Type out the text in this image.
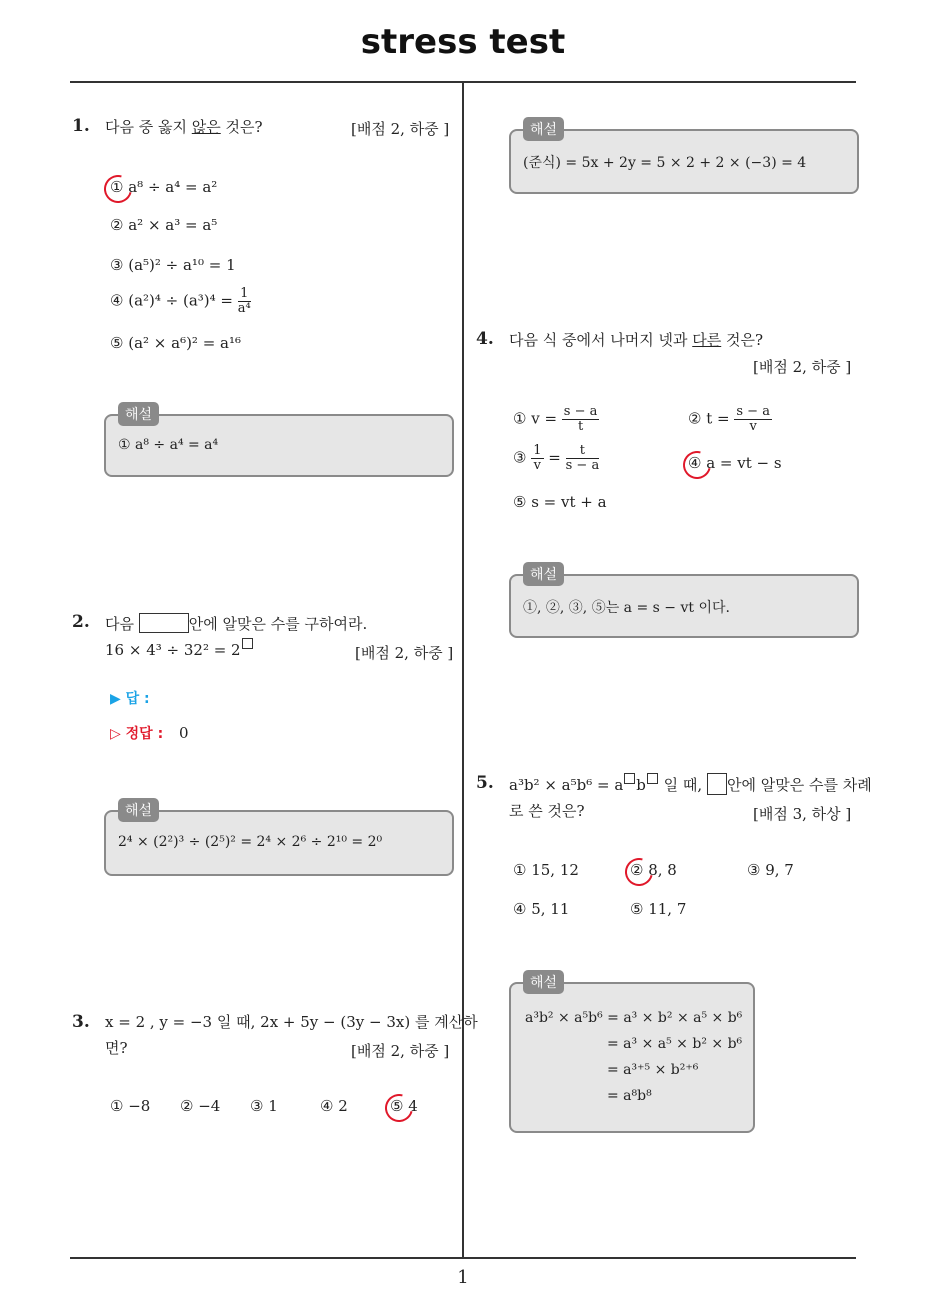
stress test
1
1. 다음 중 옳지 않은 것은?	[배점 2, 하중 ]
① a⁸ ÷ a⁴ = a²
② a² × a³ = a⁵
③ (a⁵)² ÷ a¹⁰ = 1
④ $(a^2)^4 \div (a^3)^4 = \frac{1}{\text{a⁴}}$
⑤ (a² × a⁶)² = a¹⁶
해설
① a⁸ ÷ a⁴ = a⁴
2. 다음	안에 알맞은 수를 구하여라.
16 × 4³ ÷ 32² = 2	[배점 2, 하중 ]
▶ 답 :
▷ 정답 : 0
해설
2⁴ × (2²)³ ÷ (2⁵)² = 2⁴ × 2⁶ ÷ 2¹⁰ = 2⁰
3. x = 2 , y = −3 일 때, 2x + 5y − (3y − 3x) 를 계산하
면?	[배점 2, 하중 ]
① −8 ② −4 ③ 1	④ 2	⑤ 4
해설
(준식) = 5x + 2y = 5 × 2 + 2 × (−3) = 4
4. 다음 식 중에서 나머지 넷과 다른 것은?
[배점 2, 하중 ]
① $v = \frac{s - a}{t}$	② $t = \frac{s - a}{v}$
③ $\frac{1}{v} = \frac{t}{s - a}$	④ a = vt − s
⑤ s = vt + a
해설
①, ②, ③, ⑤는 a = s − vt 이다.
5. a³b² × a⁵b⁶ = a b 일 때, 안에 알맞은 수를 차례
로 쓴 것은?	[배점 3, 하상 ]
① 15, 12	② 8, 8	③ 9, 7
④ 5, 11	⑤ 11, 7
해설
a³b² × a⁵b⁶ = a³ × b² × a⁵ × b⁶
= a³ × a⁵ × b² × b⁶
= a³⁺⁵ × b²⁺⁶
= a⁸b⁸
